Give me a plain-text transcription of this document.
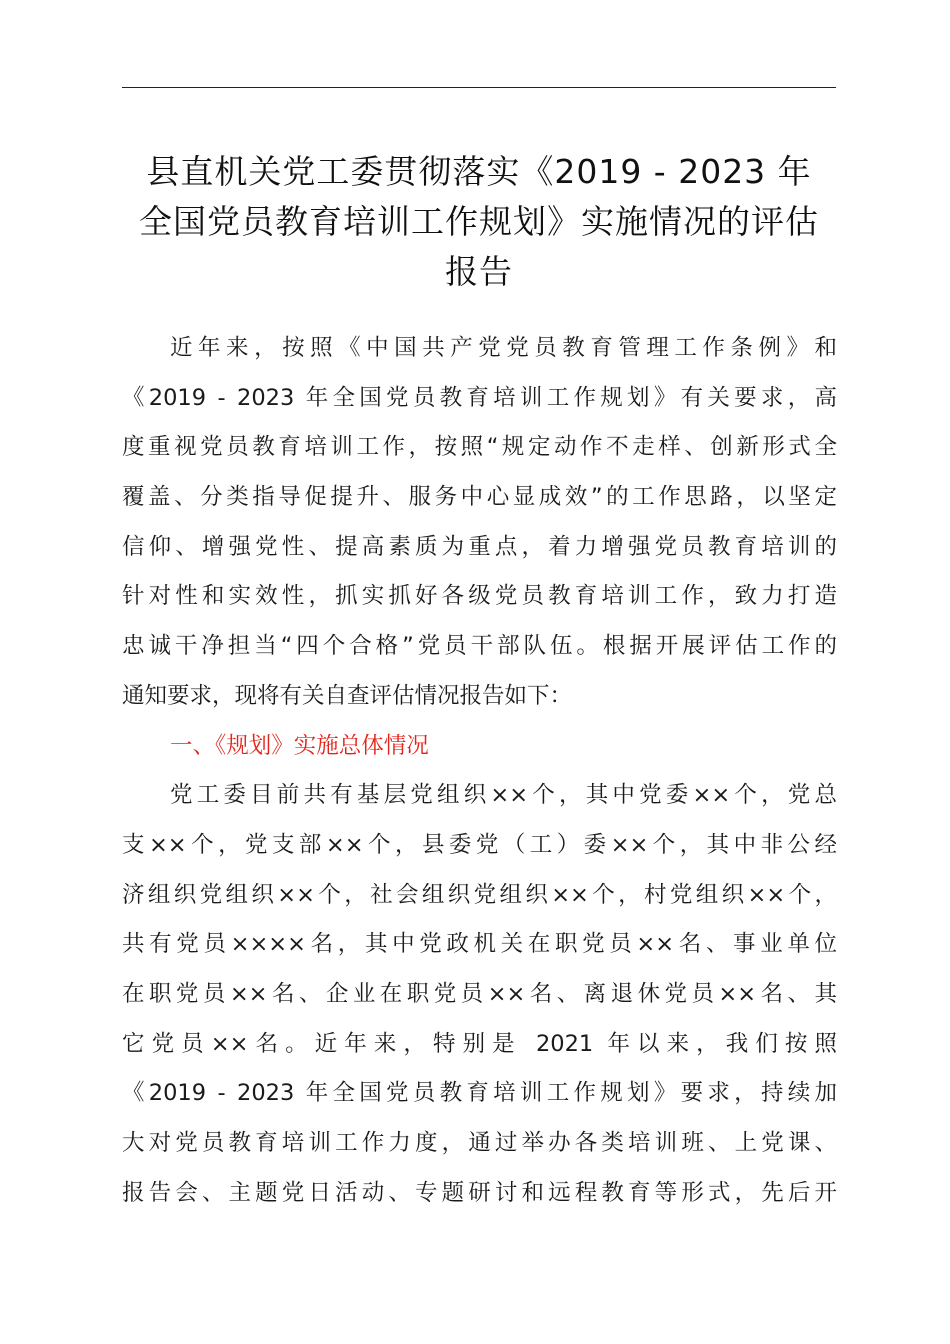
县直机关党工委贯彻落实《2019 - 2023 年
全国党员教育培训工作规划》实施情况的评估
报告
近年来，按照《中国共产党党员教育管理工作条例》和
《2019 - 2023 年全国党员教育培训工作规划》有关要求，高
度重视党员教育培训工作，按照“规定动作不走样、创新形式全
覆盖、分类指导促提升、服务中心显成效”的工作思路，以坚定
信仰、增强党性、提高素质为重点，着力增强党员教育培训的
针对性和实效性，抓实抓好各级党员教育培训工作，致力打造
忠诚干净担当“四个合格”党员干部队伍。根据开展评估工作的
通知要求，现将有关自查评估情况报告如下：
一、《规划》实施总体情况
党工委目前共有基层党组织××个，其中党委××个，党总
支××个，党支部××个，县委党（工）委××个，其中非公经
济组织党组织××个，社会组织党组织××个，村党组织××个，
共有党员××××名，其中党政机关在职党员××名、事业单位
在职党员××名、企业在职党员××名、离退休党员××名、其
它党员××名。近年来，特别是 2021 年以来，我们按照
《2019 - 2023 年全国党员教育培训工作规划》要求，持续加
大对党员教育培训工作力度，通过举办各类培训班、上党课、
报告会、主题党日活动、专题研讨和远程教育等形式，先后开
